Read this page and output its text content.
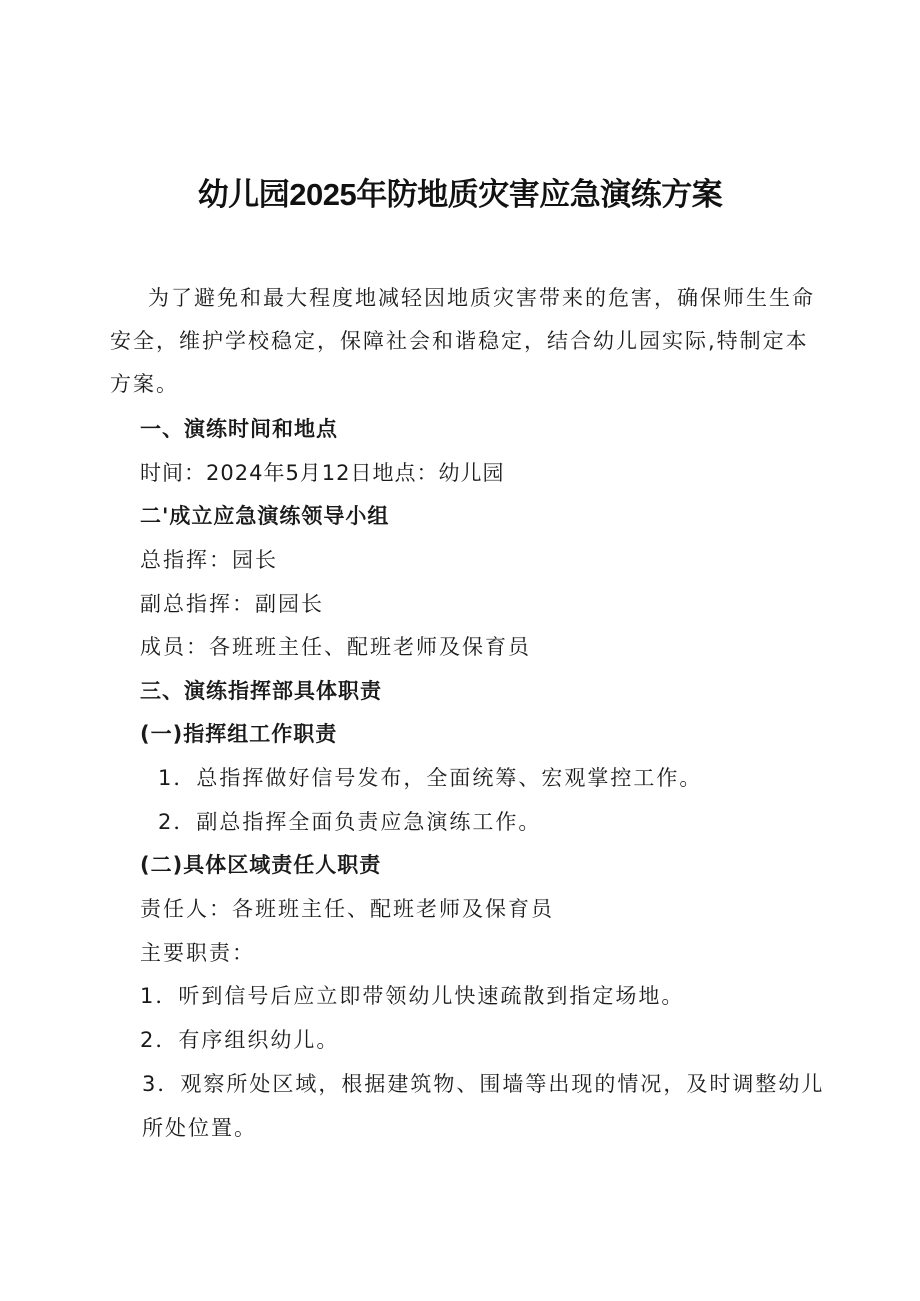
幼儿园2025年防地质灾害应急演练方案
为了避免和最大程度地减轻因地质灾害带来的危害，确保师生生命
安全，维护学校稳定，保障社会和谐稳定，结合幼儿园实际,特制定本
方案。
一、演练时间和地点
时间：2024年5月12日地点：幼儿园
二'成立应急演练领导小组
总指挥：园长
副总指挥：副园长
成员：各班班主任、配班老师及保育员
三、演练指挥部具体职责
(一)指挥组工作职责
1．总指挥做好信号发布，全面统筹、宏观掌控工作。
2．副总指挥全面负责应急演练工作。
(二)具体区域责任人职责
责任人：各班班主任、配班老师及保育员
主要职责：
1．听到信号后应立即带领幼儿快速疏散到指定场地。
2．有序组织幼儿。
3．观察所处区域，根据建筑物、围墙等出现的情况，及时调整幼儿
所处位置。
